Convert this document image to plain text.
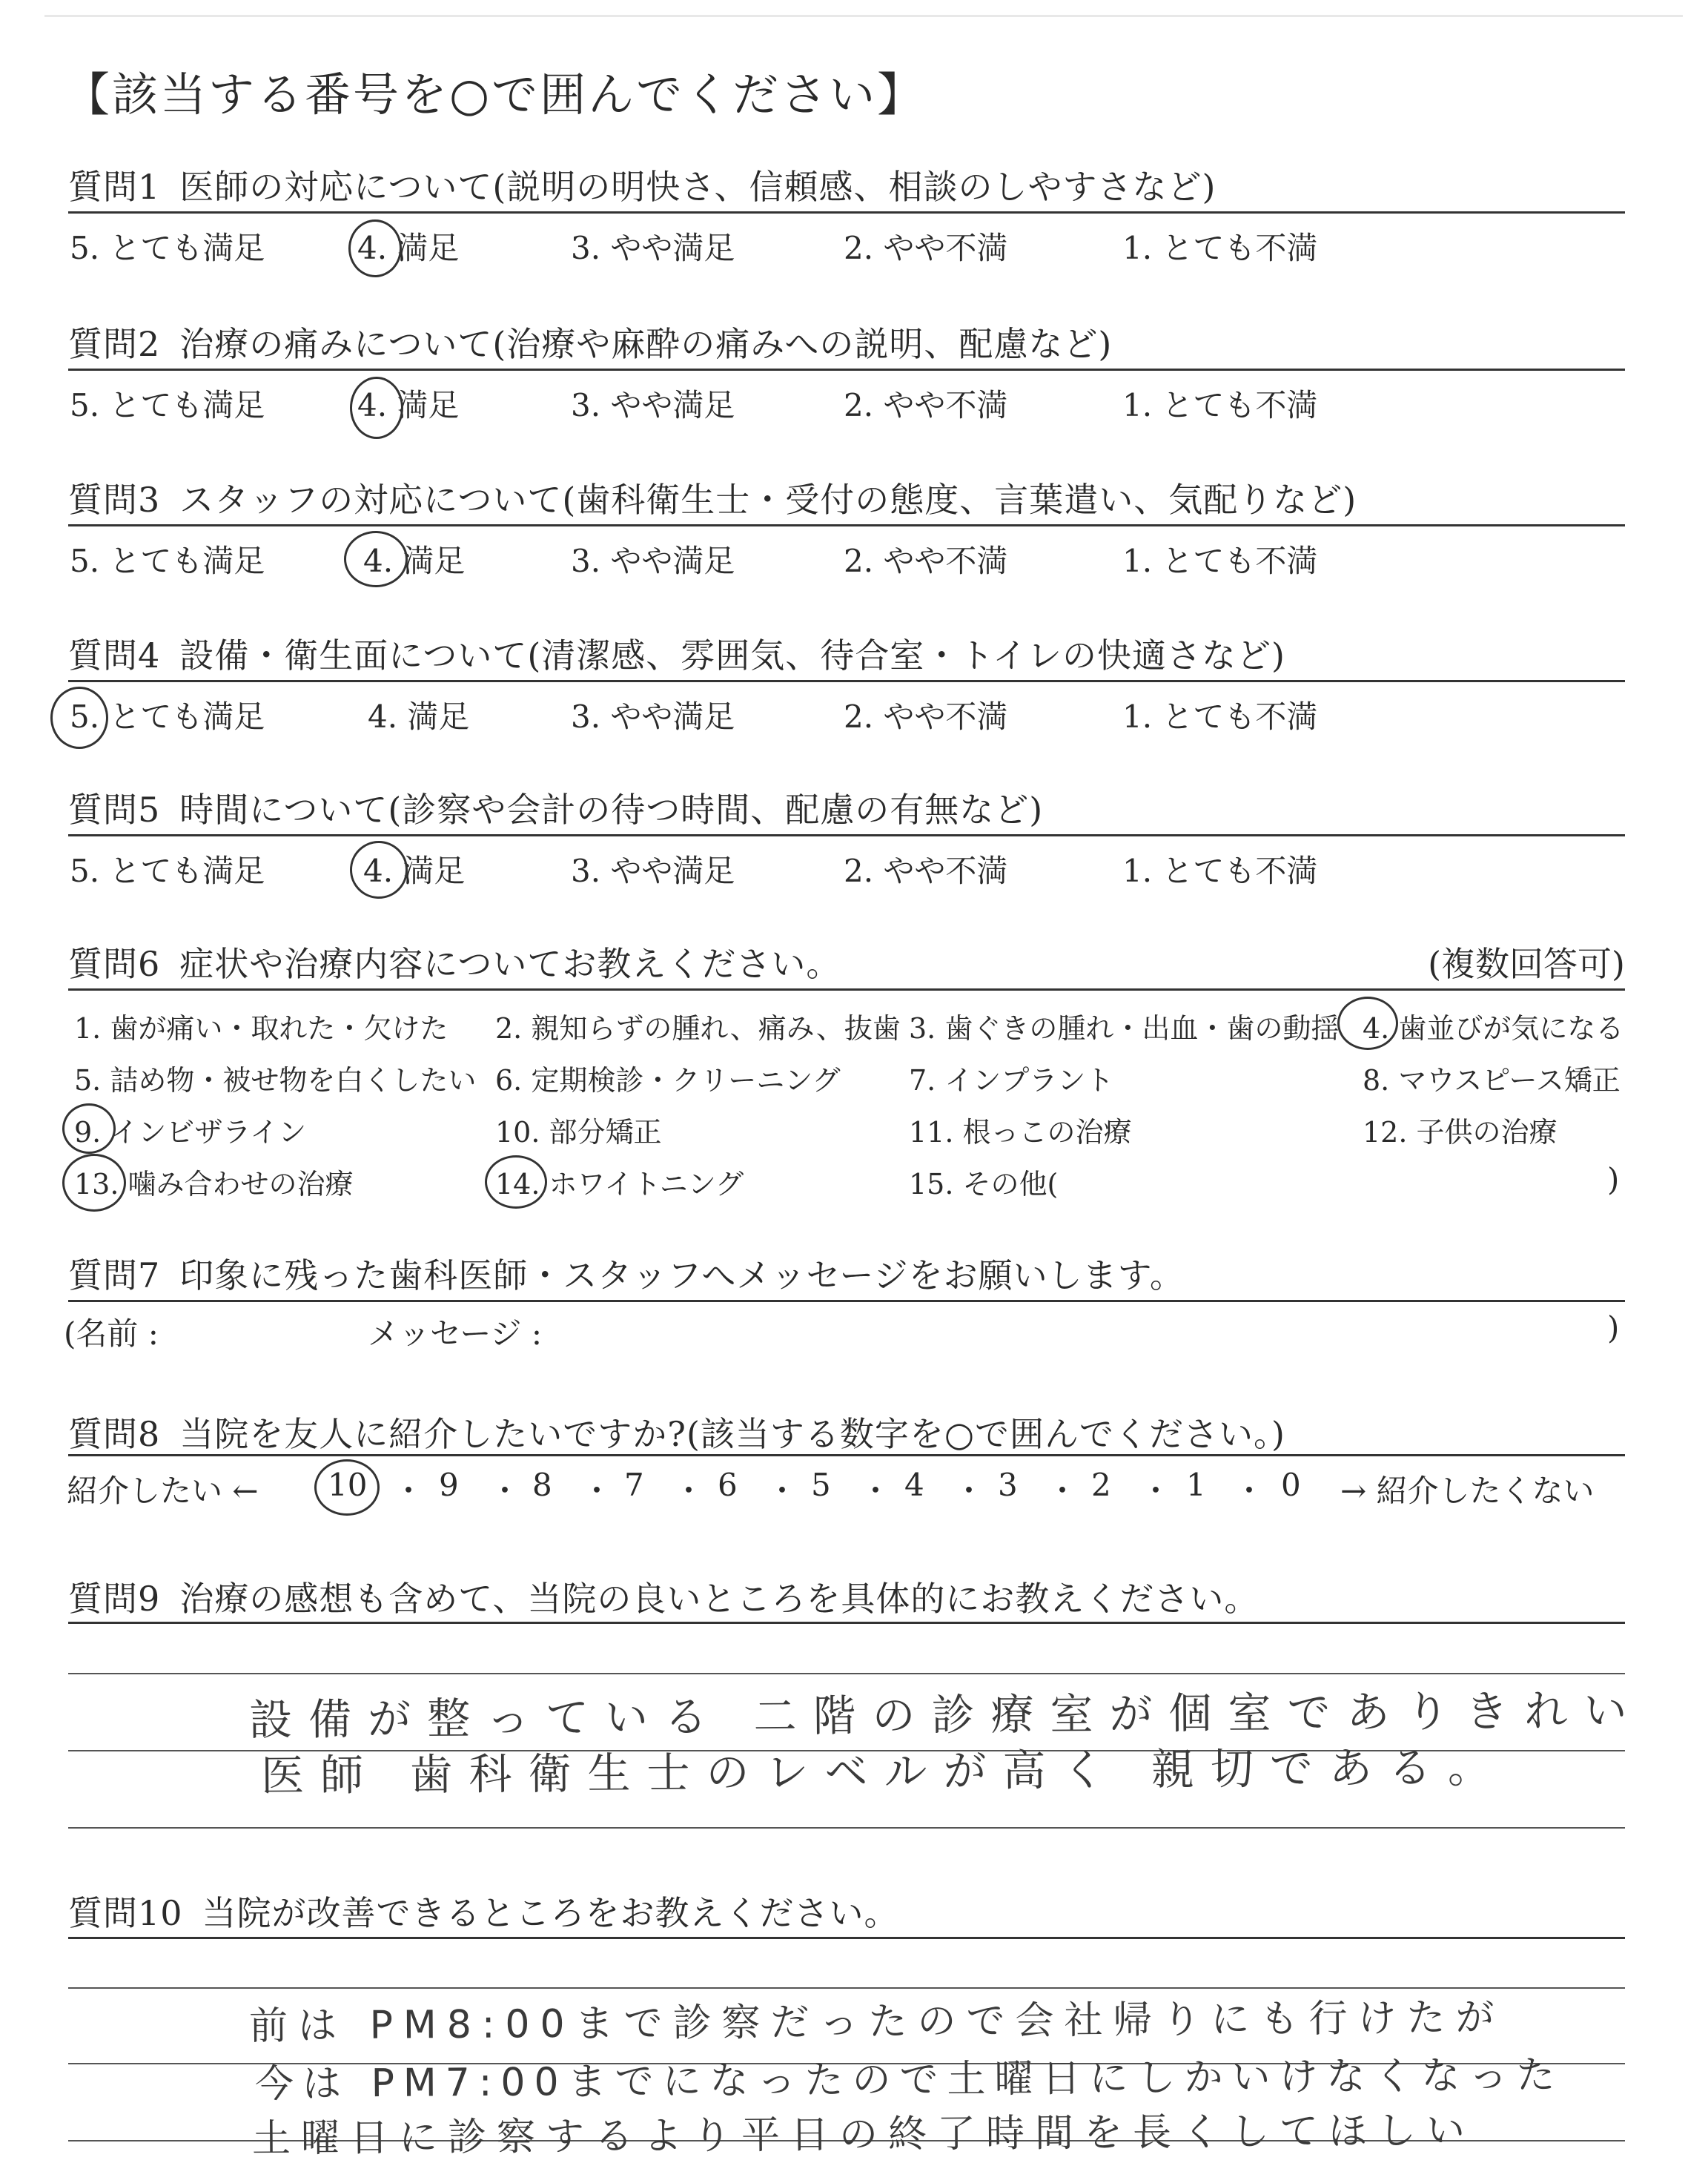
【該当する番号を○で囲んでください】
質問1 医師の対応について(説明の明快さ、信頼感、相談のしやすさなど)
5. とても満足	4. 満足	3. やや満足	2. やや不満	1. とても不満
質問2 治療の痛みについて(治療や麻酔の痛みへの説明、配慮など)
5. とても満足	4. 満足	3. やや満足	2. やや不満	1. とても不満
質問3 スタッフの対応について(歯科衛生士・受付の態度、言葉遣い、気配りなど)
5. とても満足	4. 満足	3. やや満足	2. やや不満	1. とても不満
質問4 設備・衛生面について(清潔感、雰囲気、待合室・トイレの快適さなど)
5. とても満足	4. 満足	3. やや満足	2. やや不満	1. とても不満
質問5 時間について(診察や会計の待つ時間、配慮の有無など)
5. とても満足	4. 満足	3. やや満足	2. やや不満	1. とても不満
質問6 症状や治療内容についてお教えください。	(複数回答可)
1. 歯が痛い・取れた・欠けた 2. 親知らずの腫れ、痛み、抜歯 3. 歯ぐきの腫れ・出血・歯の動揺 4. 歯並びが気になる
5. 詰め物・被せ物を白くしたい 6. 定期検診・クリーニング 7. インプラント	8. マウスピース矯正
9. インビザライン	10. 部分矯正	11. 根っこの治療	12. 子供の治療
13. 噛み合わせの治療	14. ホワイトニング	15. その他(	)
質問7 印象に残った歯科医師・スタッフへメッセージをお願いします。
(名前 :	メッセージ :	)
質問8 当院を友人に紹介したいですか?(該当する数字を○で囲んでください。)
紹介したい ← 10 ・ 9 ・ 8 ・ 7 ・ 6 ・ 5 ・ 4 ・ 3 ・ 2 ・ 1 ・ 0 → 紹介したくない
質問9 治療の感想も含めて、当院の良いところを具体的にお教えください。
設備が整っている 二階の診療室が個室でありきれい
医師 歯科衛生士のレベルが高く 親切である。
質問10 当院が改善できるところをお教えください。
前は PM8:00まで診察だったので会社帰りにも行けたが
今は PM7:00までになったので土曜日にしかいけなくなった
土曜日に診察するより平日の終了時間を長くしてほしい
